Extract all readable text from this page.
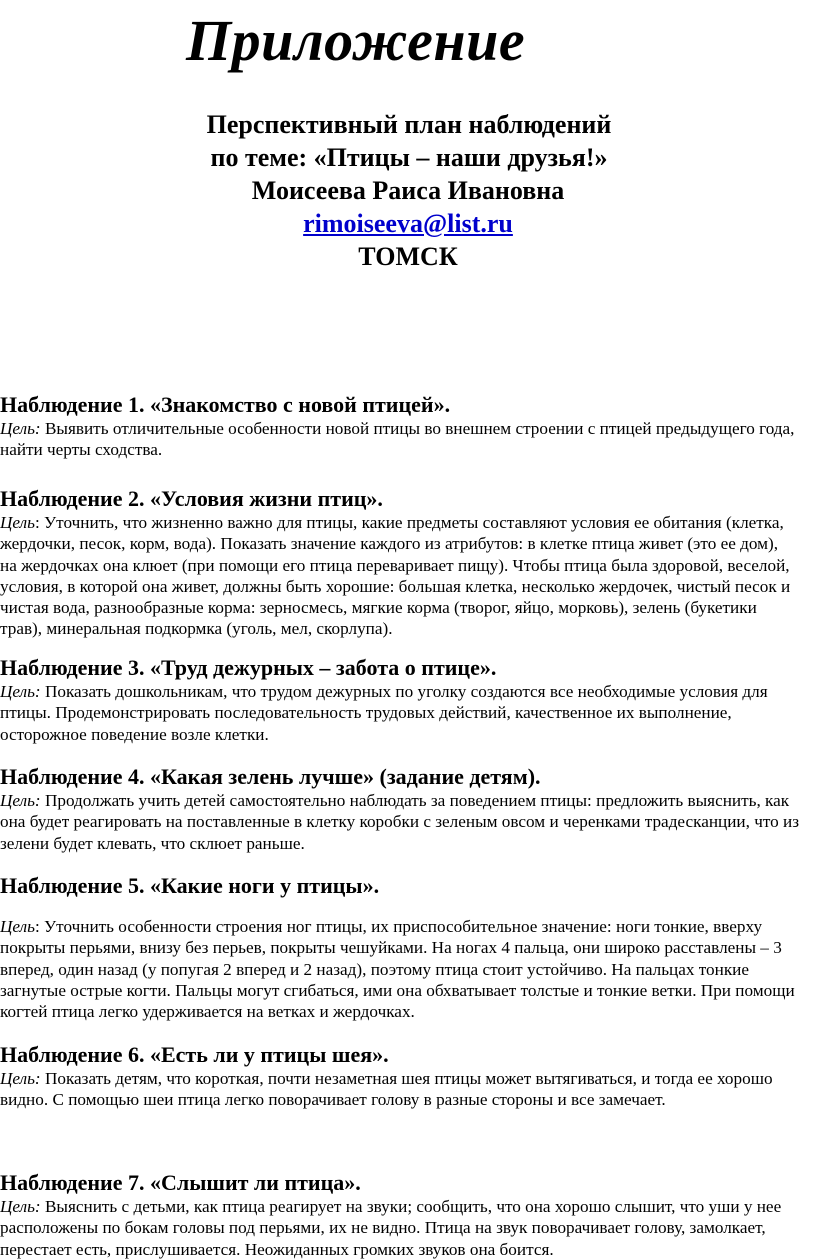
Приложение
Перспективный план наблюдений
по теме: «Птицы – наши друзья!»
Моисеева Раиса Ивановна
rimoiseeva@list.ru
ТОМСК
Наблюдение 1. «Знакомство с новой птицей».
Цель: Выявить отличительные особенности новой птицы во внешнем строении с птицей предыдущего года,
найти черты сходства.
Наблюдение 2. «Условия жизни птиц».
Цель: Уточнить, что жизненно важно для птицы, какие предметы составляют условия ее обитания (клетка,
жердочки, песок, корм, вода). Показать значение каждого из атрибутов: в клетке птица живет (это ее дом),
на жердочках она клюет (при помощи его птица переваривает пищу). Чтобы птица была здоровой, веселой,
условия, в которой она живет, должны быть хорошие: большая клетка, несколько жердочек, чистый песок и
чистая вода, разнообразные корма: зерносмесь, мягкие корма (творог, яйцо, морковь), зелень (букетики
трав), минеральная подкормка (уголь, мел, скорлупа).
Наблюдение 3. «Труд дежурных – забота о птице».
Цель: Показать дошкольникам, что трудом дежурных по уголку создаются все необходимые условия для
птицы. Продемонстрировать последовательность трудовых действий, качественное их выполнение,
осторожное поведение возле клетки.
Наблюдение 4. «Какая зелень лучше» (задание детям).
Цель: Продолжать учить детей самостоятельно наблюдать за поведением птицы: предложить выяснить, как
она будет реагировать на поставленные в клетку коробки с зеленым овсом и черенками традесканции, что из
зелени будет клевать, что склюет раньше.
Наблюдение 5. «Какие ноги у птицы».
Цель: Уточнить особенности строения ног птицы, их приспособительное значение: ноги тонкие, вверху
покрыты перьями, внизу без перьев, покрыты чешуйками. На ногах 4 пальца, они широко расставлены – 3
вперед, один назад (у попугая 2 вперед и 2 назад), поэтому птица стоит устойчиво. На пальцах тонкие
загнутые острые когти. Пальцы могут сгибаться, ими она обхватывает толстые и тонкие ветки. При помощи
когтей птица легко удерживается на ветках и жердочках.
Наблюдение 6. «Есть ли у птицы шея».
Цель: Показать детям, что короткая, почти незаметная шея птицы может вытягиваться, и тогда ее хорошо
видно. С помощью шеи птица легко поворачивает голову в разные стороны и все замечает.
Наблюдение 7. «Слышит ли птица».
Цель: Выяснить с детьми, как птица реагирует на звуки; сообщить, что она хорошо слышит, что уши у нее
расположены по бокам головы под перьями, их не видно. Птица на звук поворачивает голову, замолкает,
перестает есть, прислушивается. Неожиданных громких звуков она боится.
